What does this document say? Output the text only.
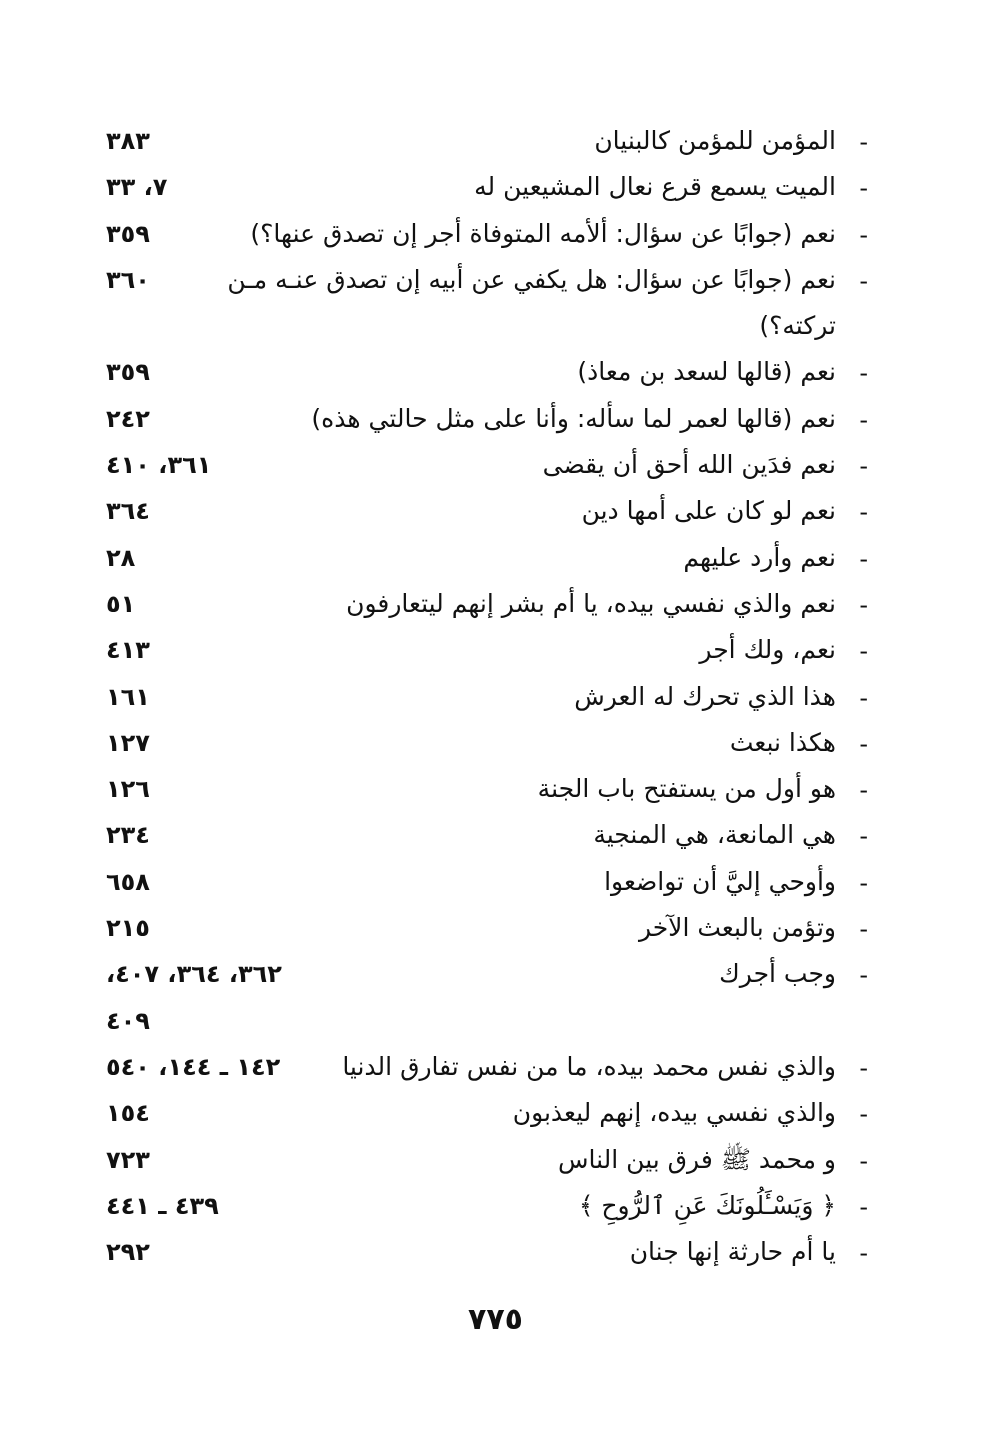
-
المؤمن للمؤمن كالبنيان
٣٨٣
-
الميت يسمع قرع نعال المشيعين له
٧، ٣٣
-
نعم (جوابًا عن سؤال: ألأمه المتوفاة أجر إن تصدق عنها؟)
٣٥٩
-
نعم (جوابًا عن سؤال: هل يكفي عن أبيه إن تصدق عنـه مـن
٣٦٠
تركته؟)
-
نعم (قالها لسعد بن معاذ)
٣٥٩
-
نعم (قالها لعمر لما سأله: وأنا على مثل حالتي هذه)
٢٤٢
-
نعم فدَين الله أحق أن يقضى
٣٦١، ٤١٠
-
نعم لو كان على أمها دين
٣٦٤
-
نعم وأرد عليهم
٢٨
-
نعم والذي نفسي بيده، يا أم بشر إنهم ليتعارفون
٥١
-
نعم، ولك أجر
٤١٣
-
هذا الذي تحرك له العرش
١٦١
-
هكذا نبعث
١٢٧
-
هو أول من يستفتح باب الجنة
١٢٦
-
هي المانعة، هي المنجية
٢٣٤
-
وأوحي إليَّ أن تواضعوا
٦٥٨
-
وتؤمن بالبعث الآخر
٢١٥
-
وجب أجرك
٣٦٢، ٣٦٤، ٤٠٧،
٤٠٩
-
والذي نفس محمد بيده، ما من نفس تفارق الدنيا
١٤٢ ـ ١٤٤، ٥٤٠
-
والذي نفسي بيده، إنهم ليعذبون
١٥٤
-
و محمد ﷺ فرق بين الناس
٧٢٣
-
﴿ وَيَسْـَٔلُونَكَ عَنِ ٱلرُّوحِ ﴾
٤٣٩ ـ ٤٤١
-
يا أم حارثة إنها جنان
٢٩٢
٧٧٥
